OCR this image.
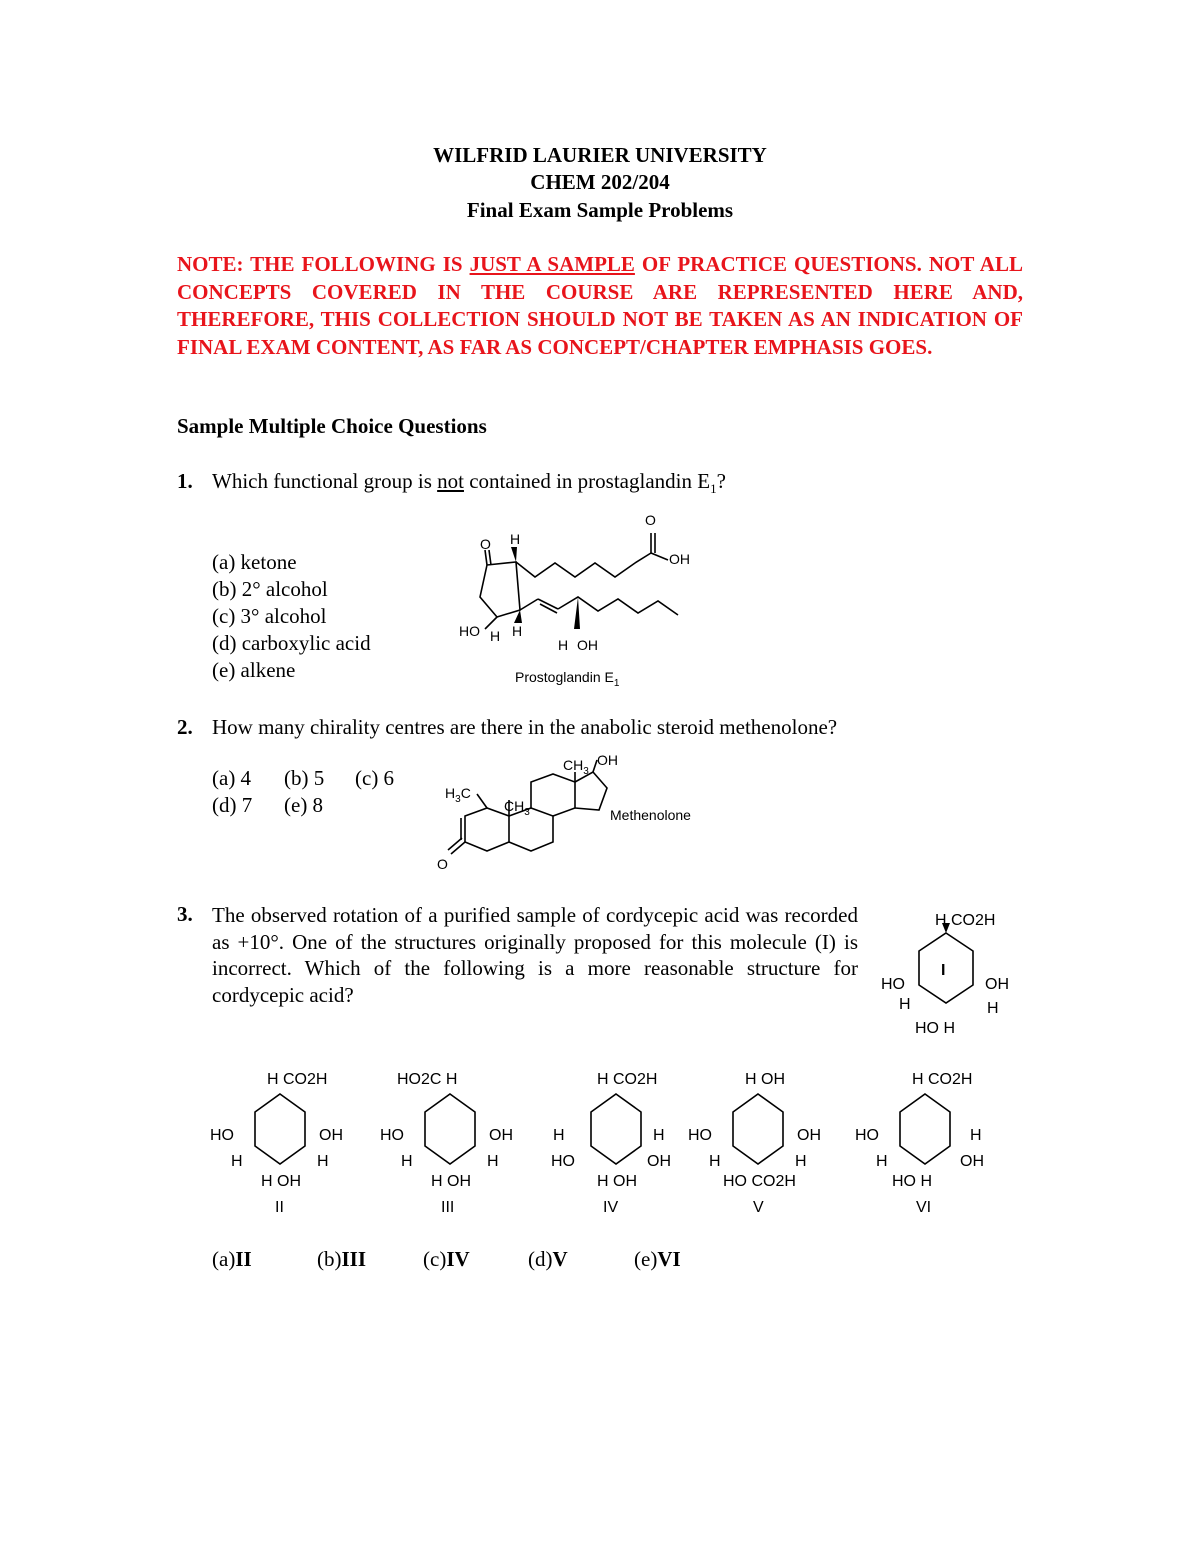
WILFRID LAURIER UNIVERSITY
CHEM 202/204
Final Exam Sample Problems
NOTE: THE FOLLOWING IS JUST A SAMPLE OF PRACTICE QUESTIONS. NOT ALL CONCEPTS COVERED IN THE COURSE ARE REPRESENTED HERE AND, THEREFORE, THIS COLLECTION SHOULD NOT BE TAKEN AS AN INDICATION OF FINAL EXAM CONTENT, AS FAR AS CONCEPT/CHAPTER EMPHASIS GOES.
Sample Multiple Choice Questions
1. Which functional group is not contained in prostaglandin $E_1$?
(a) ketone
(b) 2° alcohol
(c) 3° alcohol
(d) carboxylic acid
(e) alkene
O
OH
O H
HO H H
H OH
Prostoglandin $E_1$
2. How many chirality centres are there in the anabolic steroid methenolone?
(a) 4 (b) 5 (c) 6
(d) 7 (e) 8
OH
$CH_3$
$H_3C$
$CH_3$
O
Methenolone
3. The observed rotation of a purified sample of cordycepic acid was recorded as +10°. One of the structures originally proposed for this molecule (I) is incorrect. Which of the following is a more reasonable structure for cordycepic acid?
H CO2H
HO	OH
H	H
HO H
I
H CO2H
HO	OH
H	H
H OH
II
HO2C H
HO	OH
H	H
H OH
III
H CO2H
H	H
HO	OH
H OH
IV
H OH
HO	OH
H	H
HO CO2H
V
H CO2H
HO	H
H	OH
HO H
VI
(a)II	(b)III	(c)IV	(d)V	(e)VI
